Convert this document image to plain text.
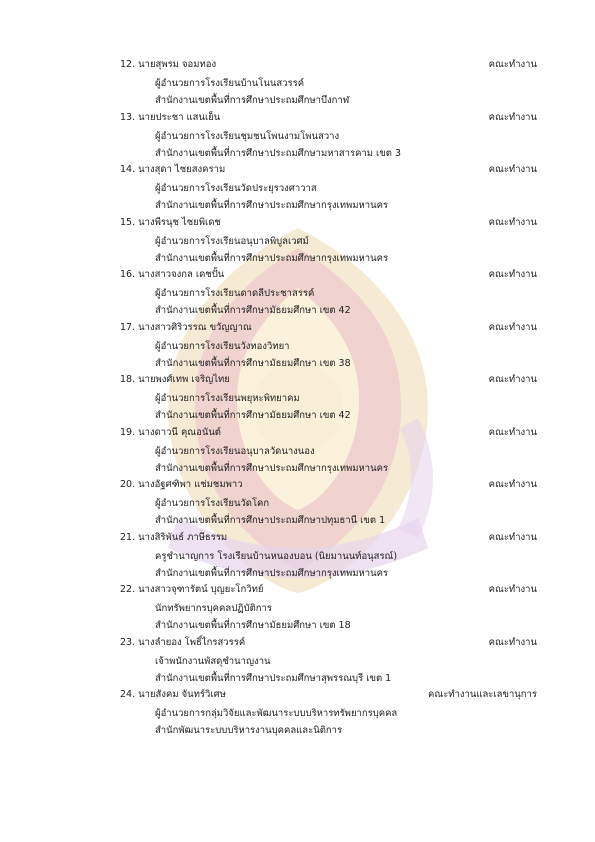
12. นายสุพรม จอมทอง	คณะทำงาน
ผู้อำนวยการโรงเรียนบ้านโนนสวรรค์
สำนักงานเขตพื้นที่การศึกษาประถมศึกษาบึงกาฬ
13. นายประชา แสนเย็น	คณะทำงาน
ผู้อำนวยการโรงเรียนชุมชนโพนงามโพนสวาง
สำนักงานเขตพื้นที่การศึกษาประถมศึกษามหาสารคาม เขต 3
14. นางสุดา ไชยสงคราม	คณะทำงาน
ผู้อำนวยการโรงเรียนวัดประยุรวงศาวาส
สำนักงานเขตพื้นที่การศึกษาประถมศึกษากรุงเทพมหานคร
15. นางพีรนุช ไชยพิเดช	คณะทำงาน
ผู้อำนวยการโรงเรียนอนุบาลพิบูลเวศม์
สำนักงานเขตพื้นที่การศึกษาประถมศึกษากรุงเทพมหานคร
16. นางสาวจงกล เดชปั้น	คณะทำงาน
ผู้อำนวยการโรงเรียนดาดลีประชาสรรค์
สำนักงานเขตพื้นที่การศึกษามัธยมศึกษา เขต 42
17. นางสาวศิริวรรณ ขวัญญาณ	คณะทำงาน
ผู้อำนวยการโรงเรียนวังทองวิทยา
สำนักงานเขตพื้นที่การศึกษามัธยมศึกษา เขต 38
18. นายพงศ์เทพ เจริญไทย	คณะทำงาน
ผู้อำนวยการโรงเรียนพยุหะพิทยาคม
สำนักงานเขตพื้นที่การศึกษามัธยมศึกษา เขต 42
19. นางดาวนี คุณอนันต์	คณะทำงาน
ผู้อำนวยการโรงเรียนอนุบาลวัดนางนอง
สำนักงานเขตพื้นที่การศึกษาประถมศึกษากรุงเทพมหานคร
20. นางอัฐศฑิพา แช่มชมพาว	คณะทำงาน
ผู้อำนวยการโรงเรียนวัดโคก
สำนักงานเขตพื้นที่การศึกษาประถมศึกษาปทุมธานี เขต 1
21. นางสิริพันธ์ ภาษีธรรม	คณะทำงาน
ครูชำนาญการ โรงเรียนบ้านหนองบอน (นิยมานนท์อนุสรณ์)
สำนักงานเขตพื้นที่การศึกษาประถมศึกษากรุงเทพมหานคร
22. นางสาวจุฑารัตน์ บุญยะโกวิทย์	คณะทำงาน
นักทรัพยากรบุคคลปฏิบัติการ
สำนักงานเขตพื้นที่การศึกษามัธยมศึกษา เขต 18
23. นางลำยอง โพธิ์ไกรสวรรค์	คณะทำงาน
เจ้าพนักงานพัสดุชำนาญงาน
สำนักงานเขตพื้นที่การศึกษาประถมศึกษาสุพรรณบุรี เขต 1
24. นายสังคม จันทร์วิเศษ	คณะทำงานและเลขานุการ
ผู้อำนวยการกลุ่มวิจัยและพัฒนาระบบบริหารทรัพยากรบุคคล
สำนักพัฒนาระบบบริหารงานบุคคลและนิติการ
